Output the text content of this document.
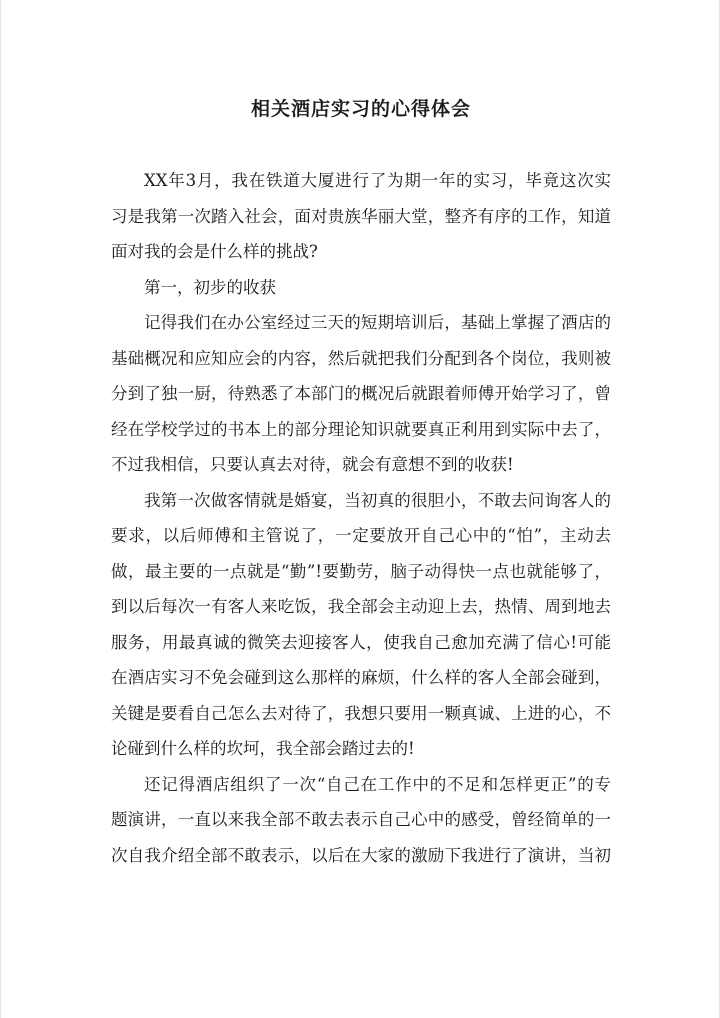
相关酒店实习的心得体会
XX年3月，我在铁道大厦进行了为期一年的实习，毕竟这次实
习是我第一次踏入社会，面对贵族华丽大堂，整齐有序的工作，知道
面对我的会是什么样的挑战?
第一，初步的收获
记得我们在办公室经过三天的短期培训后，基础上掌握了酒店的
基础概况和应知应会的内容，然后就把我们分配到各个岗位，我则被
分到了独一厨，待熟悉了本部门的概况后就跟着师傅开始学习了，曾
经在学校学过的书本上的部分理论知识就要真正利用到实际中去了，
不过我相信，只要认真去对待，就会有意想不到的收获!
我第一次做客情就是婚宴，当初真的很胆小，不敢去问询客人的
要求，以后师傅和主管说了，一定要放开自己心中的“怕”，主动去
做，最主要的一点就是“勤”!要勤劳，脑子动得快一点也就能够了，
到以后每次一有客人来吃饭，我全部会主动迎上去，热情、周到地去
服务，用最真诚的微笑去迎接客人，使我自己愈加充满了信心!可能
在酒店实习不免会碰到这么那样的麻烦，什么样的客人全部会碰到，
关键是要看自己怎么去对待了，我想只要用一颗真诚、上进的心，不
论碰到什么样的坎坷，我全部会踏过去的!
还记得酒店组织了一次“自己在工作中的不足和怎样更正”的专
题演讲，一直以来我全部不敢去表示自己心中的感受，曾经简单的一
次自我介绍全部不敢表示，以后在大家的激励下我进行了演讲，当初
